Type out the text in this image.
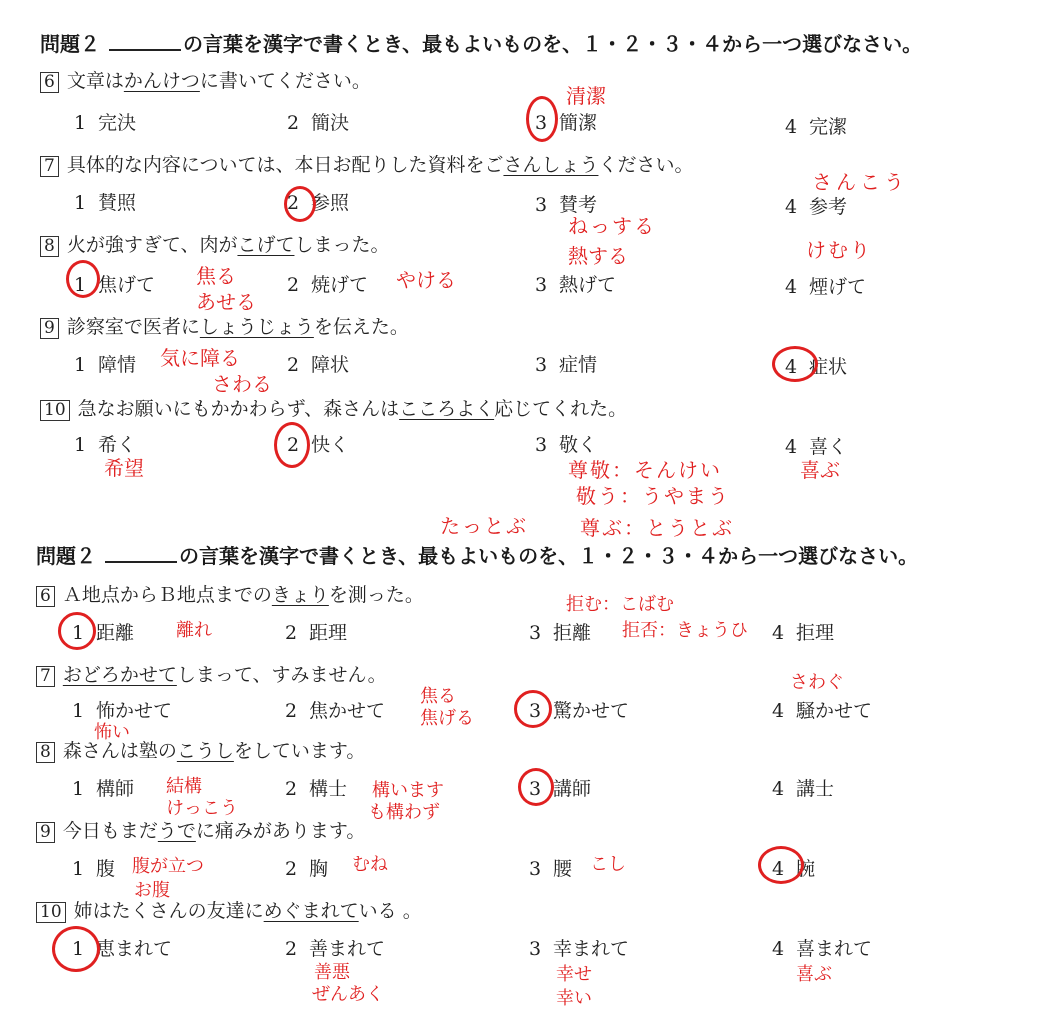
問題２	の言葉を漢字で書くとき、最もよいものを、１・２・３・４から一つ選びなさい。
6 文章はかんけつに書いてください。
1 完決	2 簡決	3 簡潔	4 完潔
清潔
7 具体的な内容については、本日お配りした資料をごさんしょうください。
1 賛照	2 参照	3 賛考	4 参考
さんこう
8 火が強すぎて、肉がこげてしまった。
1 焦げて	2 焼げて	3 熱げて	4 煙げて
焦る
あせる
やける
ねっする
熱する	けむり
9 診察室で医者にしょうじょうを伝えた。
1 障情	2 障状	3 症情	4 症状
気に障る
さわる
10 急なお願いにもかかわらず、森さんはこころよく応じてくれた。
1 希く	2 快く	3 敬く	4 喜く
希望	尊敬：そんけい
敬う：うやまう
喜ぶ
たっとぶ	尊ぶ：とうとぶ
問題２	の言葉を漢字で書くとき、最もよいものを、１・２・３・４から一つ選びなさい。
6 Ａ地点からＢ地点までのきょりを測った。
1 距離	2 距理	3 拒離	4 拒理
拒む：こばむ
離れ	拒否：きょうひ
7 おどろかせてしまって、すみません。
1 怖かせて	2 焦かせて	3 驚かせて	4 騒かせて
さわぐ
焦る
焦げる
怖い
8 森さんは塾のこうしをしています。
1 構師	2 構士	3 講師	4 講士
結構
けっこう
構います
も構わず
9 今日もまだうでに痛みがあります。
1 腹	2 胸	3 腰	4 腕
腹が立つ
お腹
むね	こし
10 姉はたくさんの友達にめぐまれている 。
1 恵まれて	2 善まれて	3 幸まれて	4 喜まれて
善悪
ぜんあく
幸せ
幸い
喜ぶ
